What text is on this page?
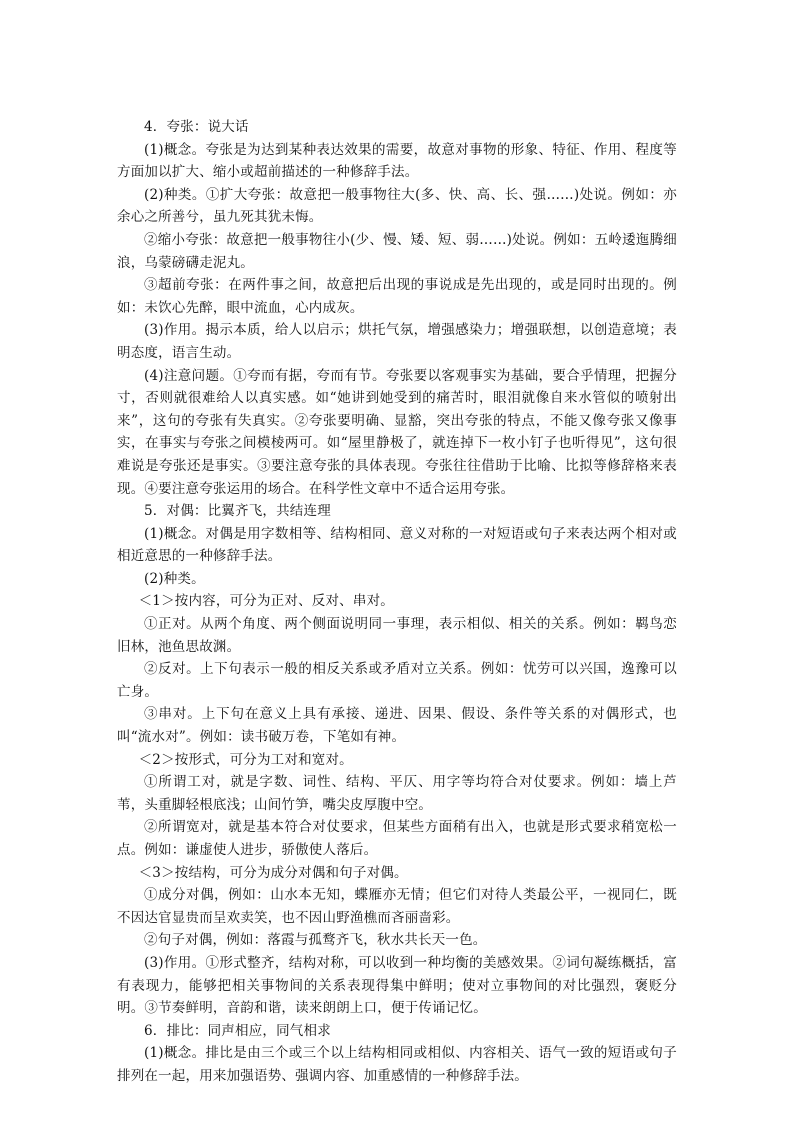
4．夸张：说大话

(1)概念。夸张是为达到某种表达效果的需要，故意对事物的形象、特征、作用、程度等方面加以扩大、缩小或超前描述的一种修辞手法。

(2)种类。①扩大夸张：故意把一般事物往大(多、快、高、长、强……)处说。例如：亦余心之所善兮，虽九死其犹未悔。

②缩小夸张：故意把一般事物往小(少、慢、矮、短、弱……)处说。例如：五岭逶迤腾细浪，乌蒙磅礴走泥丸。

③超前夸张：在两件事之间，故意把后出现的事说成是先出现的，或是同时出现的。例如：未饮心先醉，眼中流血，心内成灰。

(3)作用。揭示本质，给人以启示；烘托气氛，增强感染力；增强联想，以创造意境；表明态度，语言生动。

(4)注意问题。①夸而有据，夸而有节。夸张要以客观事实为基础，要合乎情理，把握分寸，否则就很难给人以真实感。如“她讲到她受到的痛苦时，眼泪就像自来水管似的喷射出来”，这句的夸张有失真实。②夸张要明确、显豁，突出夸张的特点，不能又像夸张又像事实，在事实与夸张之间模棱两可。如“屋里静极了，就连掉下一枚小钉子也听得见”，这句很难说是夸张还是事实。③要注意夸张的具体表现。夸张往往借助于比喻、比拟等修辞格来表现。④要注意夸张运用的场合。在科学性文章中不适合运用夸张。

5．对偶：比翼齐飞，共结连理

(1)概念。对偶是用字数相等、结构相同、意义对称的一对短语或句子来表达两个相对或相近意思的一种修辞手法。

(2)种类。

＜1＞按内容，可分为正对、反对、串对。

①正对。从两个角度、两个侧面说明同一事理，表示相似、相关的关系。例如：羁鸟恋旧林，池鱼思故渊。

②反对。上下句表示一般的相反关系或矛盾对立关系。例如：忧劳可以兴国，逸豫可以亡身。

③串对。上下句在意义上具有承接、递进、因果、假设、条件等关系的对偶形式，也叫“流水对”。例如：读书破万卷，下笔如有神。

＜2＞按形式，可分为工对和宽对。

①所谓工对，就是字数、词性、结构、平仄、用字等均符合对仗要求。例如：墙上芦苇，头重脚轻根底浅；山间竹笋，嘴尖皮厚腹中空。

②所谓宽对，就是基本符合对仗要求，但某些方面稍有出入，也就是形式要求稍宽松一点。例如：谦虚使人进步，骄傲使人落后。

＜3＞按结构，可分为成分对偶和句子对偶。

①成分对偶，例如：山水本无知，蝶雁亦无情；但它们对待人类最公平，一视同仁，既不因达官显贵而呈欢卖笑，也不因山野渔樵而吝丽啬彩。

②句子对偶，例如：落霞与孤鹜齐飞，秋水共长天一色。

(3)作用。①形式整齐，结构对称，可以收到一种均衡的美感效果。②词句凝练概括，富有表现力，能够把相关事物间的关系表现得集中鲜明；使对立事物间的对比强烈，褒贬分明。③节奏鲜明，音韵和谐，读来朗朗上口，便于传诵记忆。

6．排比：同声相应，同气相求

(1)概念。排比是由三个或三个以上结构相同或相似、内容相关、语气一致的短语或句子排列在一起，用来加强语势、强调内容、加重感情的一种修辞手法。
